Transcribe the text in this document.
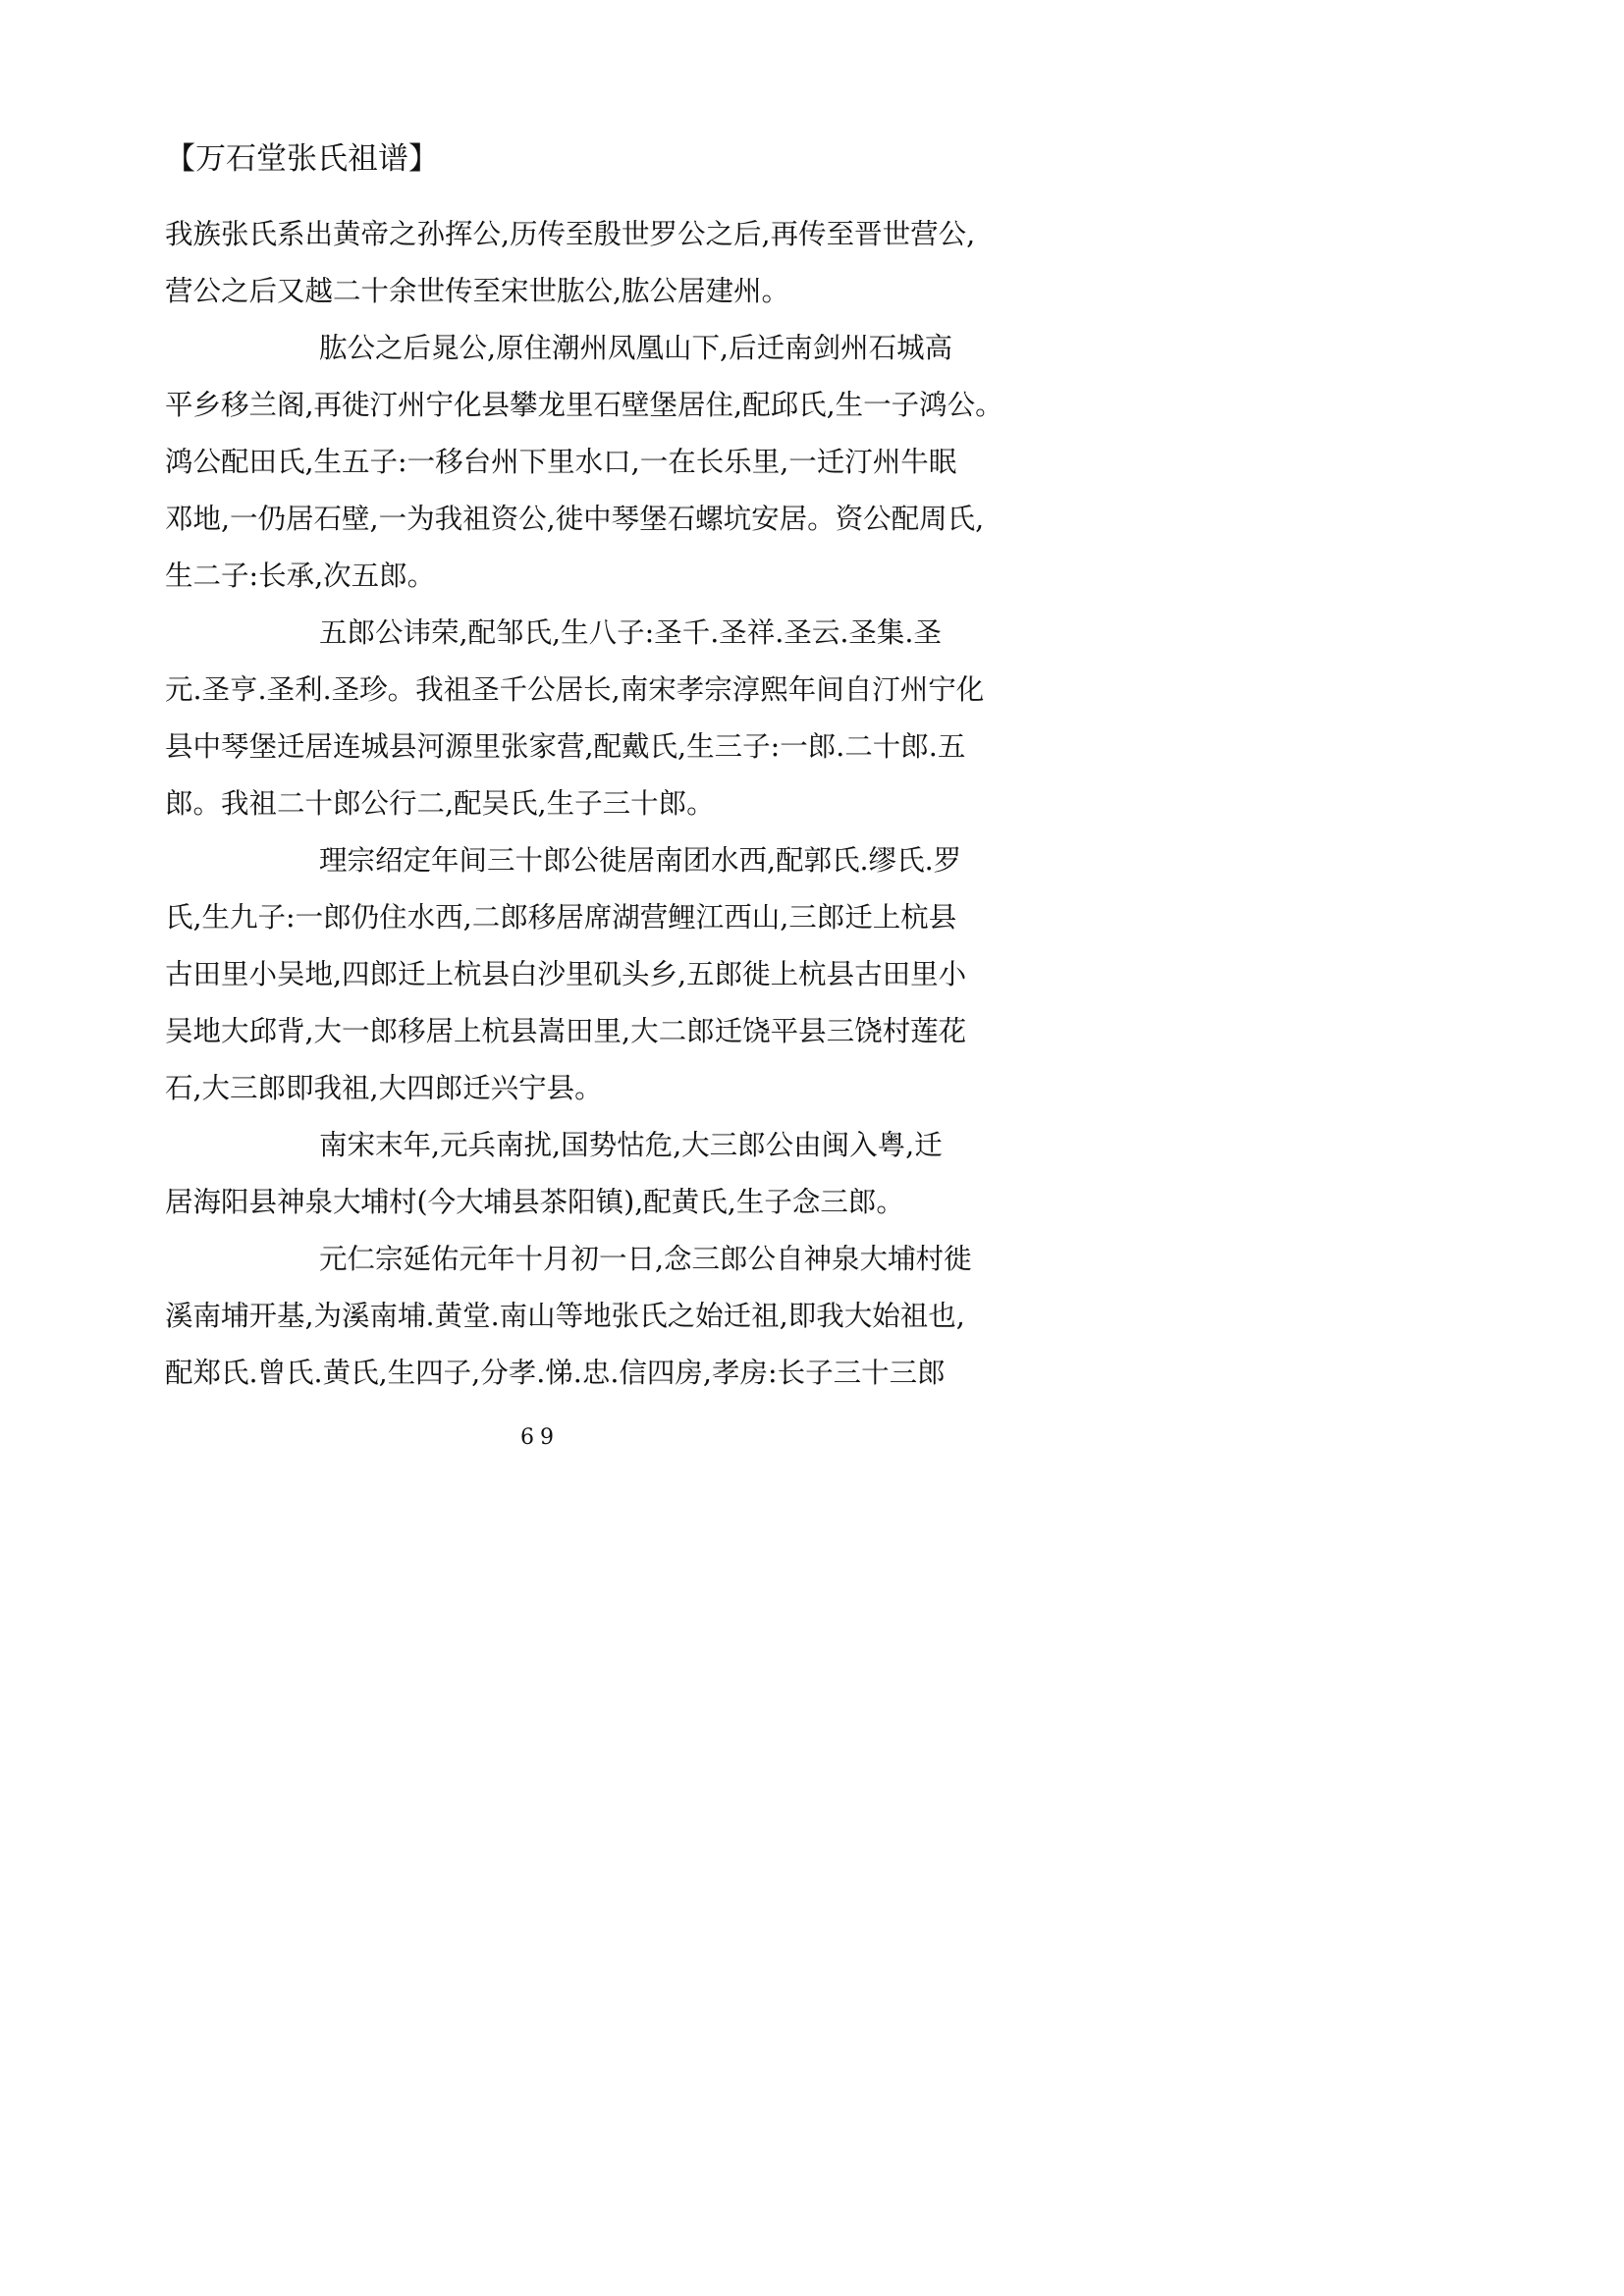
【万石堂张氏祖谱】
我族张氏系出黄帝之孙挥公,历传至殷世罗公之后,再传至晋世营公,
营公之后又越二十余世传至宋世肱公,肱公居建州。
肱公之后晁公,原住潮州凤凰山下,后迁南剑州石城高
平乡移兰阁,再徙汀州宁化县攀龙里石壁堡居住,配邱氏,生一子鸿公。
鸿公配田氏,生五子:一移台州下里水口,一在长乐里,一迁汀州牛眠
邓地,一仍居石壁,一为我祖资公,徙中琴堡石螺坑安居。资公配周氏,
生二子:长承,次五郎。
五郎公讳荣,配邹氏,生八子:圣千.圣祥.圣云.圣集.圣
元.圣亨.圣利.圣珍。我祖圣千公居长,南宋孝宗淳熙年间自汀州宁化
县中琴堡迁居连城县河源里张家营,配戴氏,生三子:一郎.二十郎.五
郎。我祖二十郎公行二,配吴氏,生子三十郎。
理宗绍定年间三十郎公徙居南团水西,配郭氏.缪氏.罗
氏,生九子:一郎仍住水西,二郎移居席湖营鲤江西山,三郎迁上杭县
古田里小吴地,四郎迁上杭县白沙里矶头乡,五郎徙上杭县古田里小
吴地大邱背,大一郎移居上杭县嵩田里,大二郎迁饶平县三饶村莲花
石,大三郎即我祖,大四郎迁兴宁县。
南宋末年,元兵南扰,国势怙危,大三郎公由闽入粤,迁
居海阳县神泉大埔村(今大埔县茶阳镇),配黄氏,生子念三郎。
元仁宗延佑元年十月初一日,念三郎公自神泉大埔村徙
溪南埔开基,为溪南埔.黄堂.南山等地张氏之始迁祖,即我大始祖也,
配郑氏.曾氏.黄氏,生四子,分孝.悌.忠.信四房,孝房:长子三十三郎
69
